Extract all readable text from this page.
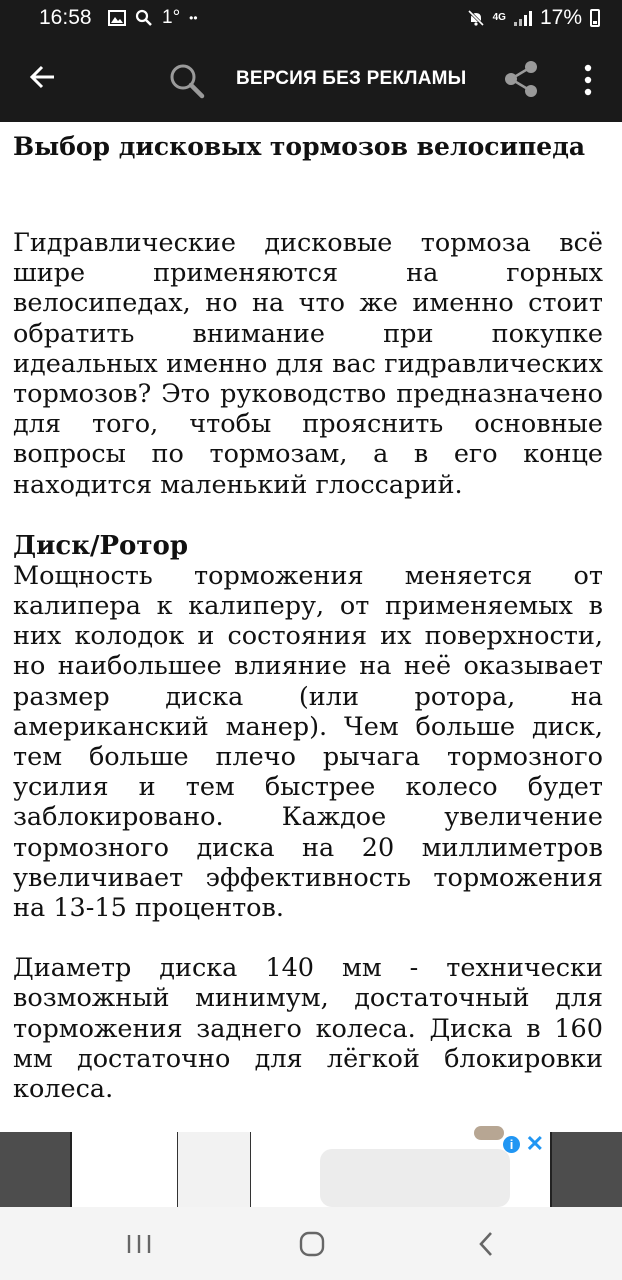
16:58	1° ••	4G 17%
ВЕРСИЯ БЕЗ РЕКЛАМЫ
Выбор дисковых тормозов велосипеда

Гидравлические дисковые тормоза всё шире применяются на горных велосипедах, но на что же именно стоит обратить внимание при покупке идеальных именно для вас гидравлических тормозов? Это руководство предназначено для того, чтобы прояснить основные вопросы по тормозам, а в его конце находится маленький глоссарий.

Диск/Ротор

Мощность торможения меняется от калипера к калиперу, от применяемых в них колодок и состояния их поверхности, но наибольшее влияние на неё оказывает размер диска (или ротора, на американский манер). Чем больше диск, тем больше плечо рычага тормозного усилия и тем быстрее колесо будет заблокировано. Каждое увеличение тормозного диска на 20 миллиметров увеличивает эффективность торможения на 13-15 процентов.

Диаметр диска 140 мм - технически возможный минимум, достаточный для торможения заднего колеса. Диска в 160 мм достаточно для лёгкой блокировки колеса.

i ✕
